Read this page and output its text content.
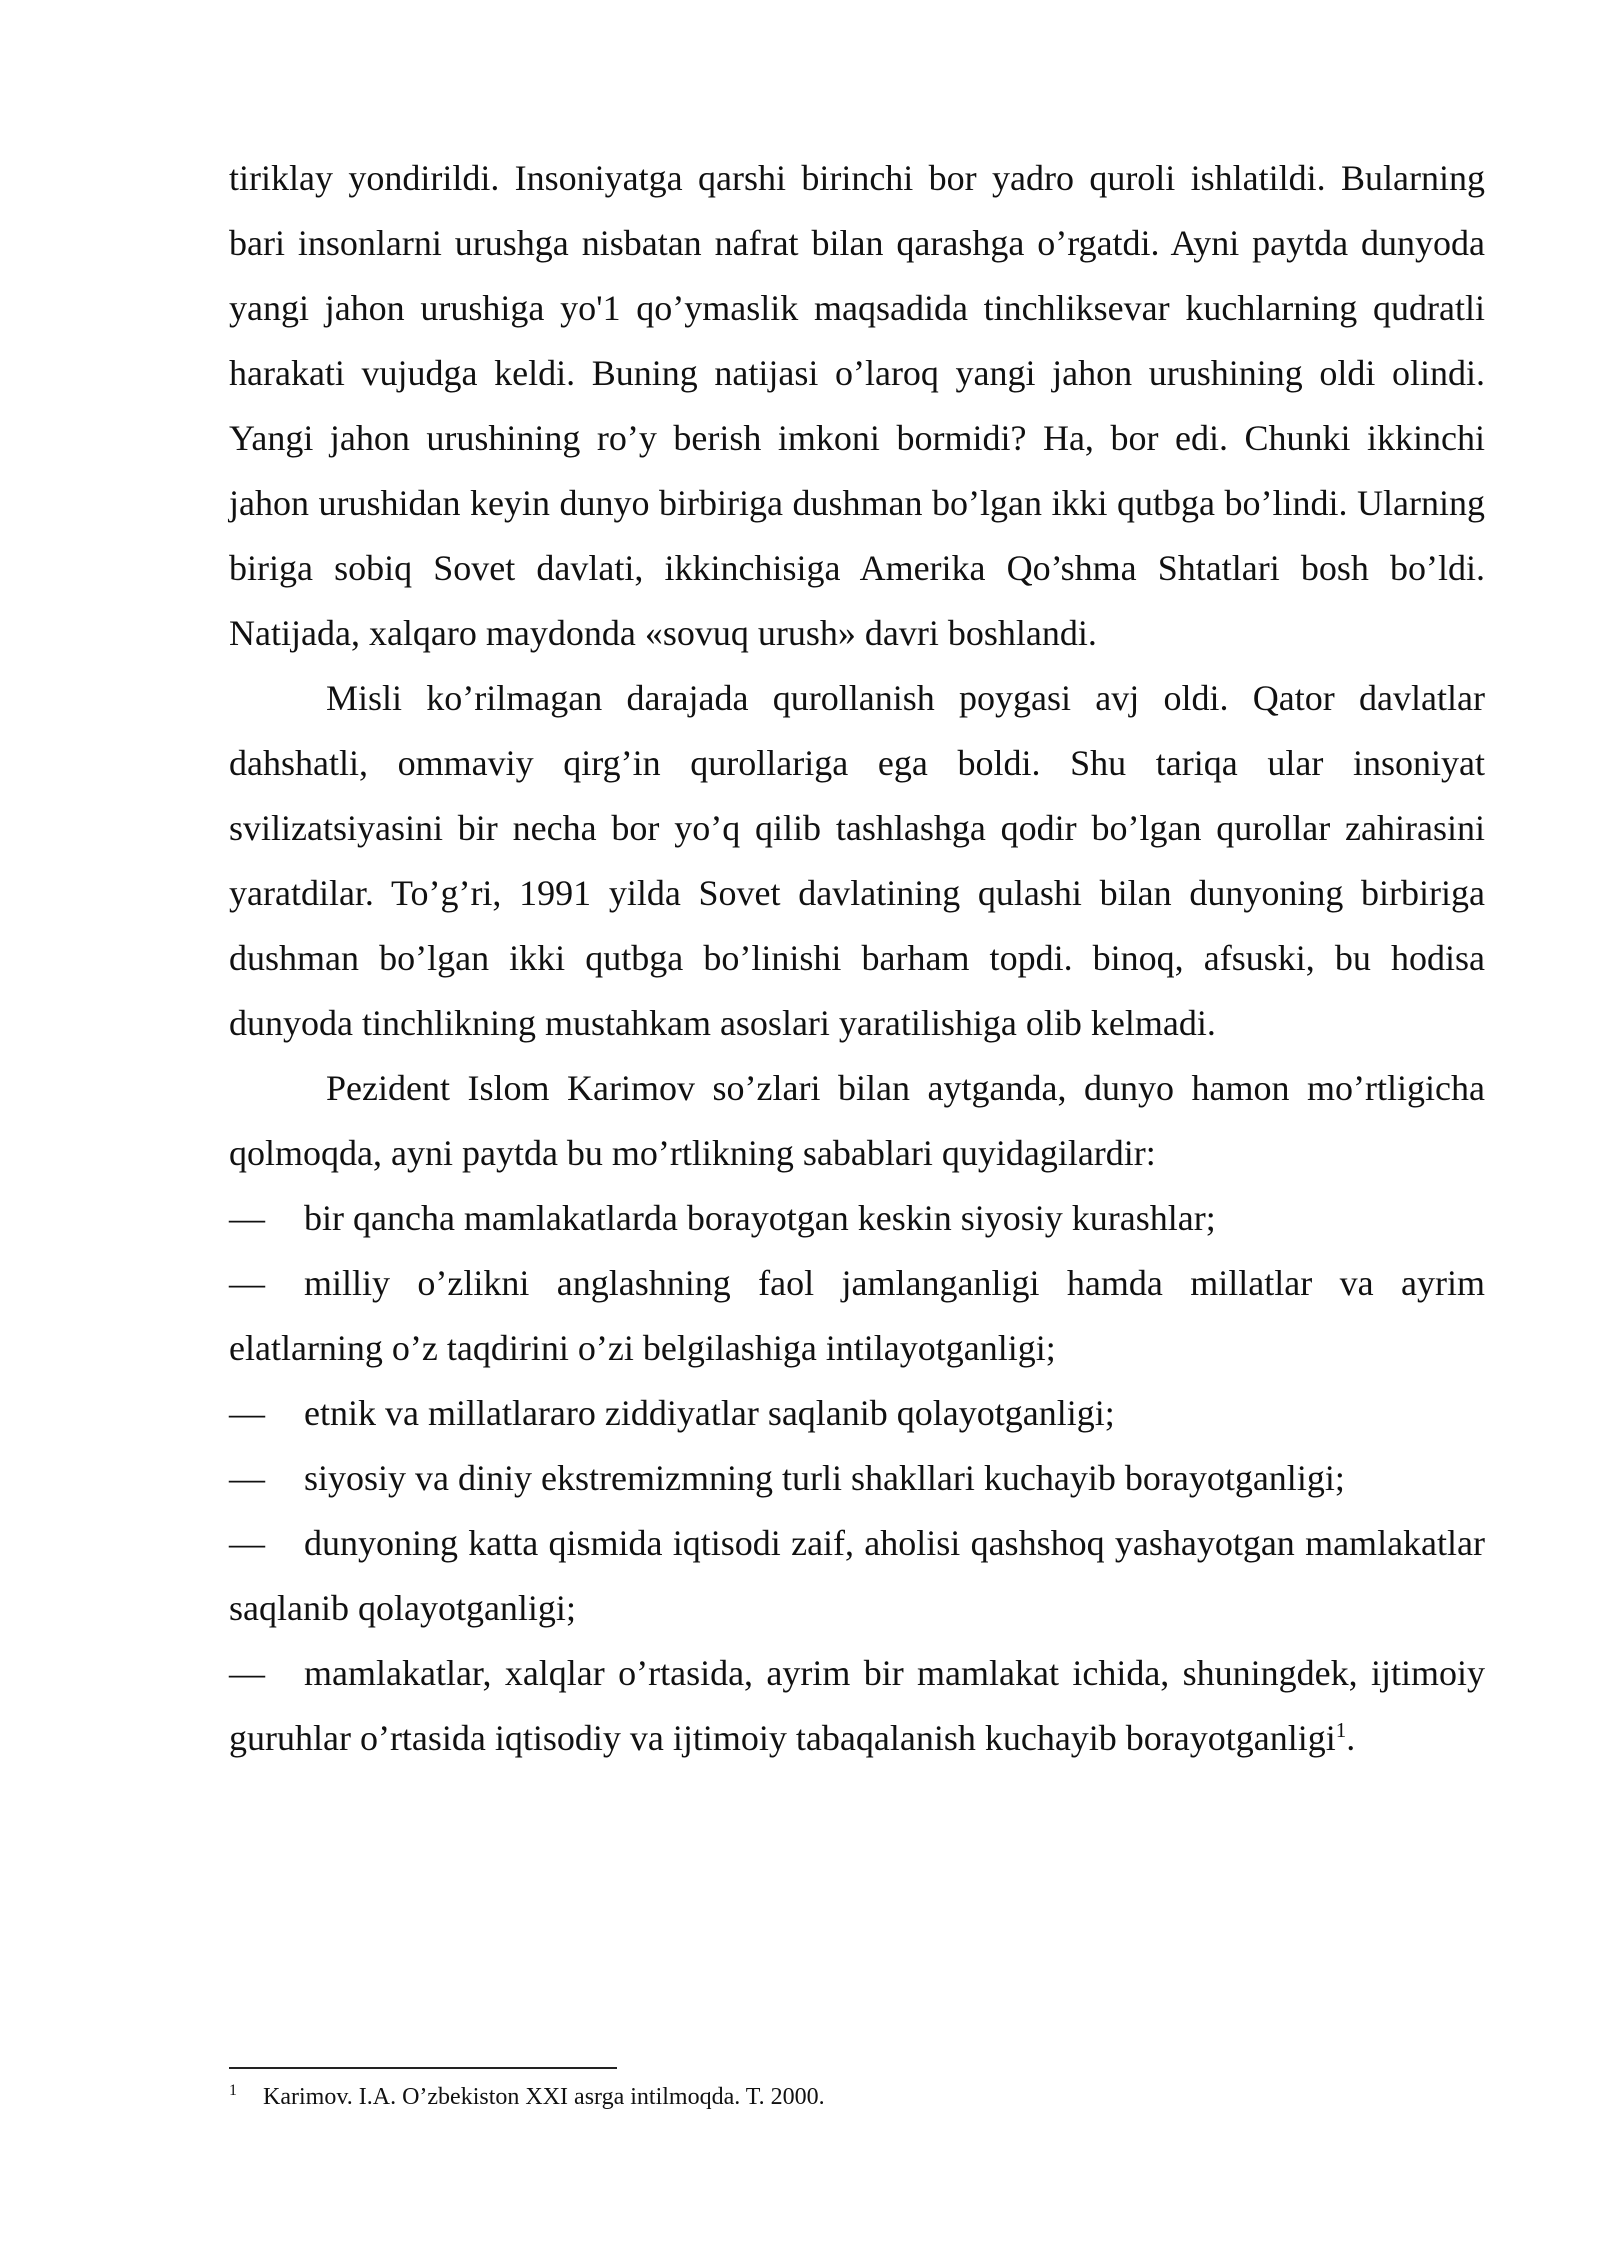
tiriklay yondirildi. Insoniyatga qarshi birinchi bor yadro quroli ishlatildi. Bularning bari insonlarni urushga nisbatan nafrat bilan qarashga o’rgatdi. Ayni paytda dunyoda yangi jahon urushiga yo'1 qo’ymaslik maqsadida tinchliksevar kuchlarning qudratli harakati vujudga keldi. Buning natijasi o’laroq yangi jahon urushining oldi olindi. Yangi jahon urushining ro’y berish imkoni bormidi? Ha, bor edi. Chunki ikkinchi jahon urushidan keyin dunyo birbiriga dushman bo’lgan ikki qutbga bo’lindi. Ularning biriga sobiq Sovet davlati, ikkinchisiga Amerika Qo’shma Shtatlari bosh bo’ldi. Natijada, xalqaro maydonda «sovuq urush» davri boshlandi.

Misli ko’rilmagan darajada qurollanish poygasi avj oldi. Qator davlatlar dahshatli, ommaviy qirg’in qurollariga ega boldi. Shu tariqa ular insoniyat svilizatsiyasini bir necha bor yo’q qilib tashlashga qodir bo’lgan qurollar zahirasini yaratdilar. To’g’ri, 1991 yilda Sovet davlatining qulashi bilan dunyoning birbiriga dushman bo’lgan ikki qutbga bo’linishi barham topdi. binoq, afsuski, bu hodisa dunyoda tinchlikning mustahkam asoslari yaratilishiga olib kelmadi.

Pezident Islom Karimov so’zlari bilan aytganda, dunyo hamon mo’rtligicha qolmoqda, ayni paytda bu mo’rtlikning sabablari quyidagilardir:

— bir qancha mamlakatlarda borayotgan keskin siyosiy kurashlar;

— milliy o’zlikni anglashning faol jamlanganligi hamda millatlar va ayrim elatlarning o’z taqdirini o’zi belgilashiga intilayotganligi;

— etnik va millatlararo ziddiyatlar saqlanib qolayotganligi;

— siyosiy va diniy ekstremizmning turli shakllari kuchayib borayotganligi;

— dunyoning katta qismida iqtisodi zaif, aholisi qashshoq yashayotgan mamlakatlar saqlanib qolayotganligi;

— mamlakatlar, xalqlar o’rtasida, ayrim bir mamlakat ichida, shuningdek, ijtimoiy guruhlar o’rtasida iqtisodiy va ijtimoiy tabaqalanish kuchayib borayotganligi$^1$.

1 Karimov. I.A. O’zbekiston XXI asrga intilmoqda. T. 2000.
